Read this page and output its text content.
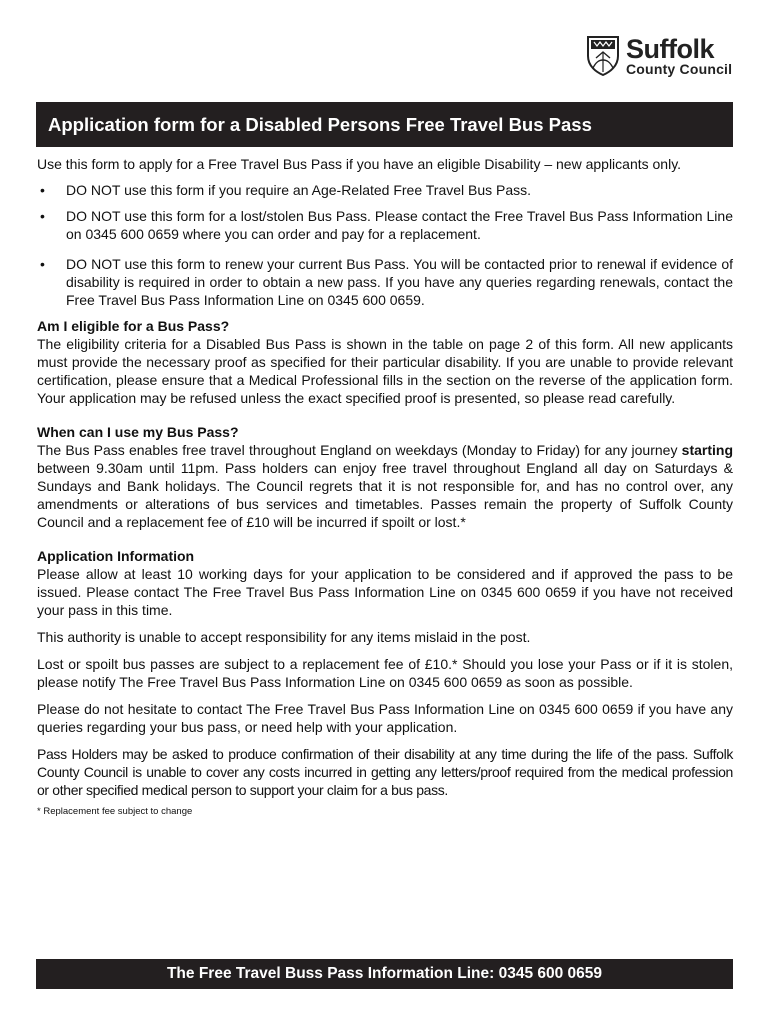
Suffolk
County Council
Application form for a Disabled Persons Free Travel Bus Pass

Use this form to apply for a Free Travel Bus Pass if you have an eligible Disability – new applicants only.

• DO NOT use this form if you require an Age-Related Free Travel Bus Pass.
• DO NOT use this form for a lost/stolen Bus Pass. Please contact the Free Travel Bus Pass Information Line on 0345 600 0659 where you can order and pay for a replacement.
• DO NOT use this form to renew your current Bus Pass. You will be contacted prior to renewal if evidence of disability is required in order to obtain a new pass. If you have any queries regarding renewals, contact the Free Travel Bus Pass Information Line on 0345 600 0659.

Am I eligible for a Bus Pass?

The eligibility criteria for a Disabled Bus Pass is shown in the table on page 2 of this form. All new applicants must provide the necessary proof as specified for their particular disability. If you are unable to provide relevant certification, please ensure that a Medical Professional fills in the section on the reverse of the application form. Your application may be refused unless the exact specified proof is presented, so please read carefully.

When can I use my Bus Pass?

The Bus Pass enables free travel throughout England on weekdays (Monday to Friday) for any journey starting between 9.30am until 11pm. Pass holders can enjoy free travel throughout England all day on Saturdays & Sundays and Bank holidays. The Council regrets that it is not responsible for, and has no control over, any amendments or alterations of bus services and timetables. Passes remain the property of Suffolk County Council and a replacement fee of £10 will be incurred if spoilt or lost.*

Application Information

Please allow at least 10 working days for your application to be considered and if approved the pass to be issued. Please contact The Free Travel Bus Pass Information Line on 0345 600 0659 if you have not received your pass in this time.

This authority is unable to accept responsibility for any items mislaid in the post.

Lost or spoilt bus passes are subject to a replacement fee of £10.* Should you lose your Pass or if it is stolen, please notify The Free Travel Bus Pass Information Line on 0345 600 0659 as soon as possible.

Please do not hesitate to contact The Free Travel Bus Pass Information Line on 0345 600 0659 if you have any queries regarding your bus pass, or need help with your application.

Pass Holders may be asked to produce confirmation of their disability at any time during the life of the pass. Suffolk County Council is unable to cover any costs incurred in getting any letters/proof required from the medical profession or other specified medical person to support your claim for a bus pass.

* Replacement fee subject to change

The Free Travel Buss Pass Information Line: 0345 600 0659
